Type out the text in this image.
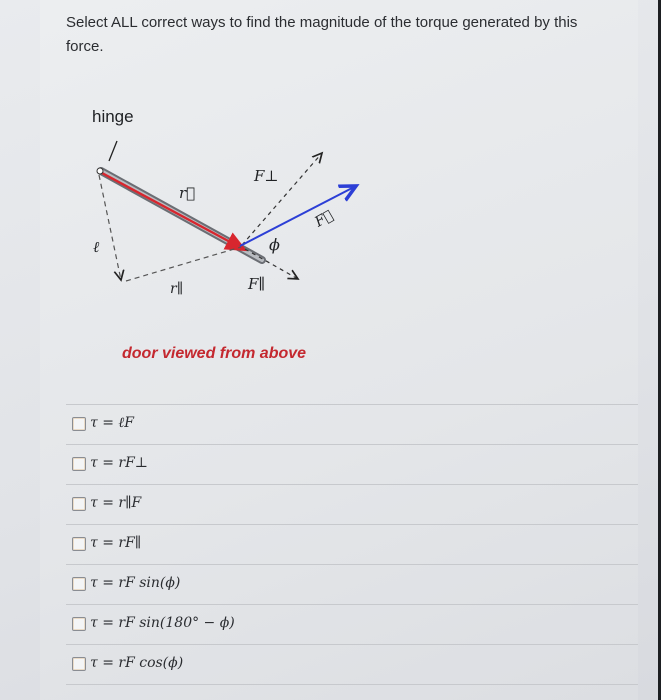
Select ALL correct ways to find the magnitude of the torque generated by this force.
hinge
ℓ
r⃗
r∥
F⊥
F⃗
ϕ
F∥
door viewed from above
τ = ℓF
τ = rF⊥
τ = r∥F
τ = rF∥
τ = rF sin(ϕ)
τ = rF sin(180° − ϕ)
τ = rF cos(ϕ)
